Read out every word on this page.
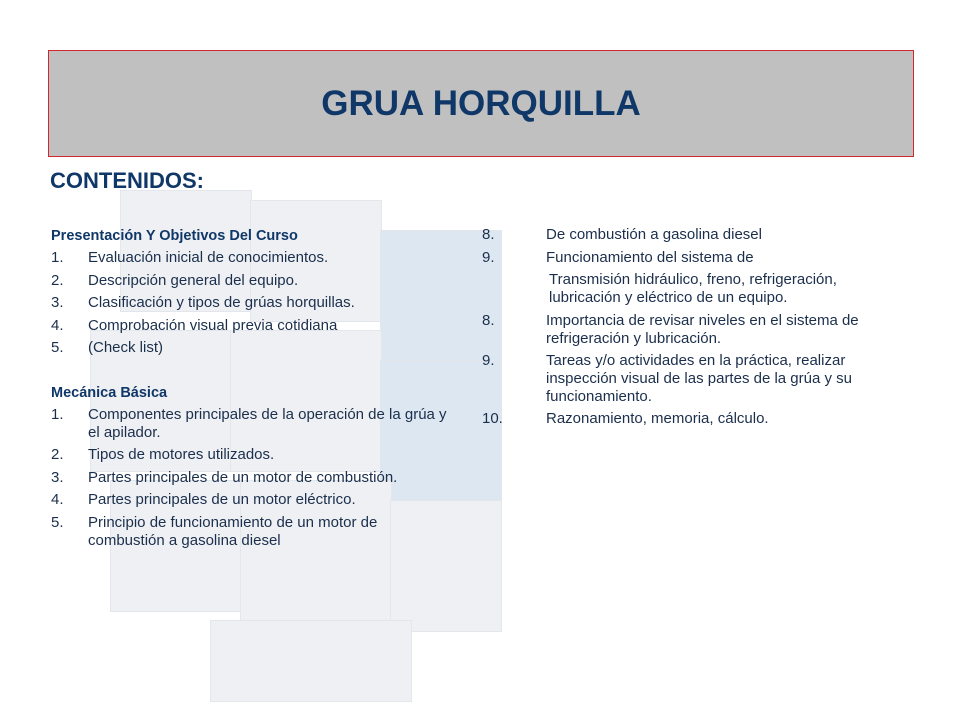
GRUA HORQUILLA
CONTENIDOS:
Presentación Y Objetivos Del Curso
1. Evaluación inicial de conocimientos.
2. Descripción general del equipo.
3. Clasificación y tipos de grúas horquillas.
4. Comprobación visual previa cotidiana
5. (Check list)
Mecánica Básica
1. Componentes principales de la operación de la grúa y el apilador.
2. Tipos de motores utilizados.
3. Partes principales de un motor de combustión.
4. Partes principales de un motor eléctrico.
5. Principio de funcionamiento de un motor de combustión a gasolina diesel
8.	De combustión a gasolina diesel
9.	Funcionamiento del sistema de
Transmisión hidráulico, freno, refrigeración, lubricación y eléctrico de un equipo.
8.	Importancia de revisar niveles en el sistema de refrigeración y lubricación.
9.	Tareas y/o actividades en la práctica, realizar inspección visual de las partes de la grúa y su funcionamiento.
10.	Razonamiento, memoria, cálculo.
